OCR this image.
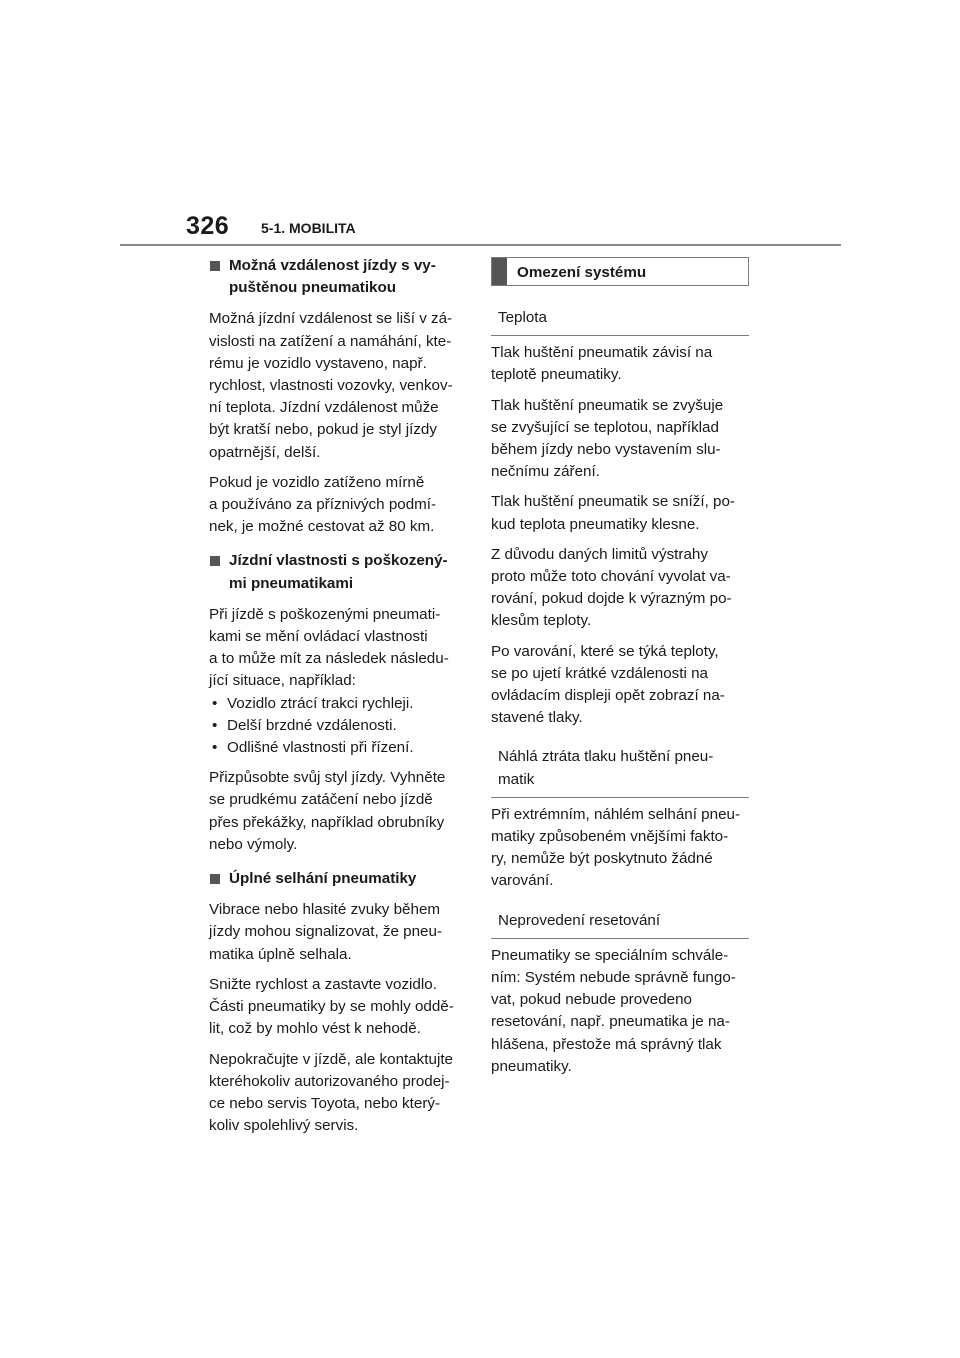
326 5-1. MOBILITA
Možná vzdálenost jízdy s vy-
puštěnou pneumatikou

Možná jízdní vzdálenost se liší v zá-
vislosti na zatížení a namáhání, kte-
rému je vozidlo vystaveno, např.
rychlost, vlastnosti vozovky, venkov-
ní teplota. Jízdní vzdálenost může
být kratší nebo, pokud je styl jízdy
opatrnější, delší.

Pokud je vozidlo zatíženo mírně
a používáno za příznivých podmí-
nek, je možné cestovat až 80 km.

Jízdní vlastnosti s poškozený-
mi pneumatikami

Při jízdě s poškozenými pneumati-
kami se mění ovládací vlastnosti
a to může mít za následek následu-
jící situace, například:

• Vozidlo ztrácí trakci rychleji.
• Delší brzdné vzdálenosti.
• Odlišné vlastnosti při řízení.

Přizpůsobte svůj styl jízdy. Vyhněte
se prudkému zatáčení nebo jízdě
přes překážky, například obrubníky
nebo výmoly.

Úplné selhání pneumatiky

Vibrace nebo hlasité zvuky během
jízdy mohou signalizovat, že pneu-
matika úplně selhala.

Snižte rychlost a zastavte vozidlo.
Části pneumatiky by se mohly oddě-
lit, což by mohlo vést k nehodě.

Nepokračujte v jízdě, ale kontaktujte
kteréhokoliv autorizovaného prodej-
ce nebo servis Toyota, nebo který-
koliv spolehlivý servis.

Omezení systému
Teplota

Tlak huštění pneumatik závisí na
teplotě pneumatiky.

Tlak huštění pneumatik se zvyšuje
se zvyšující se teplotou, například
během jízdy nebo vystavením slu-
nečnímu záření.

Tlak huštění pneumatik se sníží, po-
kud teplota pneumatiky klesne.

Z důvodu daných limitů výstrahy
proto může toto chování vyvolat va-
rování, pokud dojde k výrazným po-
klesům teploty.

Po varování, které se týká teploty,
se po ujetí krátké vzdálenosti na
ovládacím displeji opět zobrazí na-
stavené tlaky.

Náhlá ztráta tlaku huštění pneu-
matik

Při extrémním, náhlém selhání pneu-
matiky způsobeném vnějšími fakto-
ry, nemůže být poskytnuto žádné
varování.

Neprovedení resetování

Pneumatiky se speciálním schvále-
ním: Systém nebude správně fungo-
vat, pokud nebude provedeno
resetování, např. pneumatika je na-
hlášena, přestože má správný tlak
pneumatiky.
